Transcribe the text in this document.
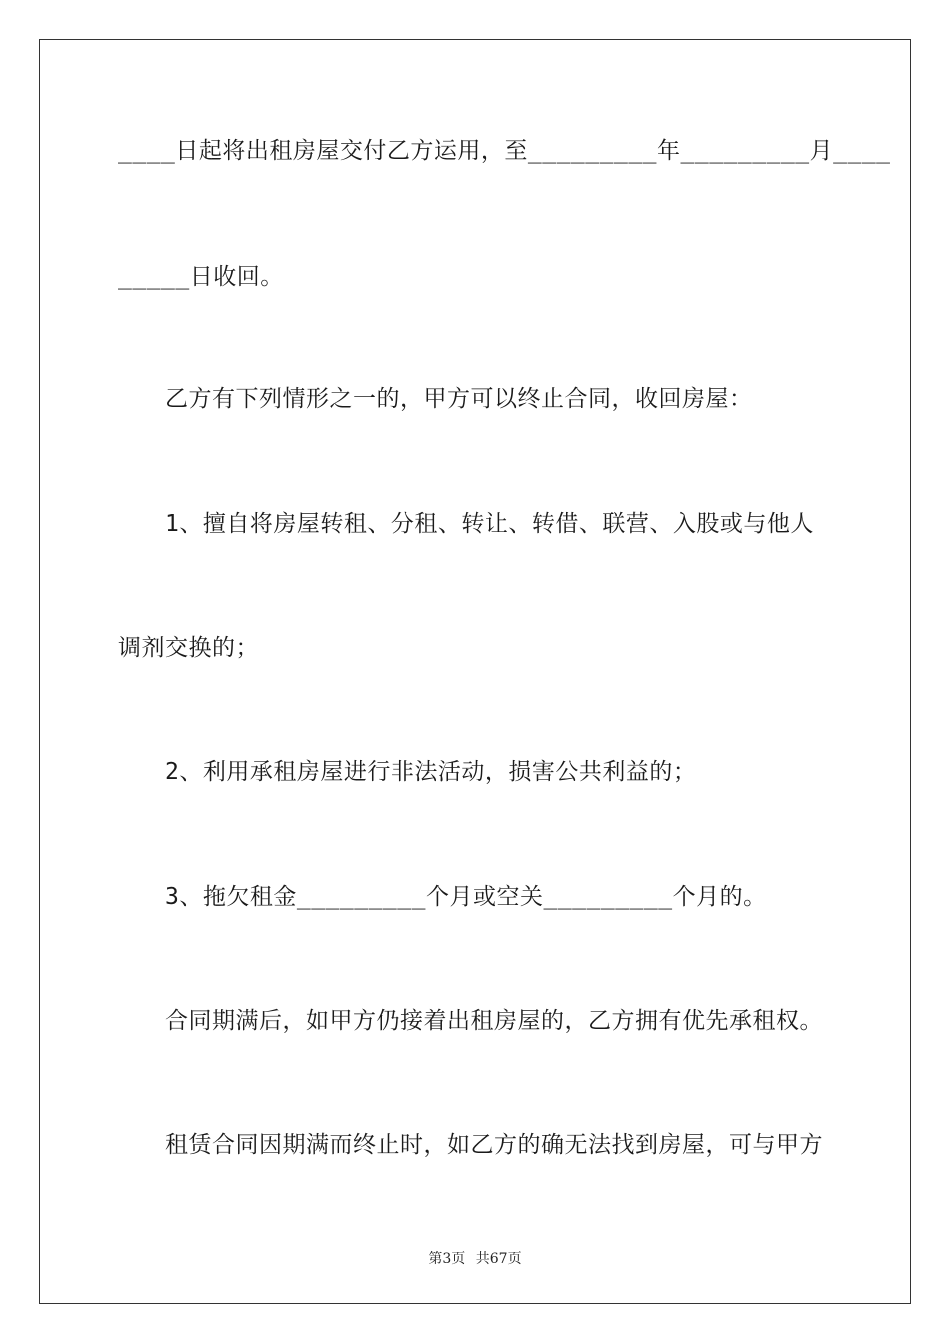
____日起将出租房屋交付乙方运用，至_________年_________月____
_____日收回。
乙方有下列情形之一的，甲方可以终止合同，收回房屋：
1、擅自将房屋转租、分租、转让、转借、联营、入股或与他人
调剂交换的；
2、利用承租房屋进行非法活动，损害公共利益的；
3、拖欠租金_________个月或空关_________个月的。
合同期满后，如甲方仍接着出租房屋的，乙方拥有优先承租权。
租赁合同因期满而终止时，如乙方的确无法找到房屋，可与甲方
第3页 共67页
